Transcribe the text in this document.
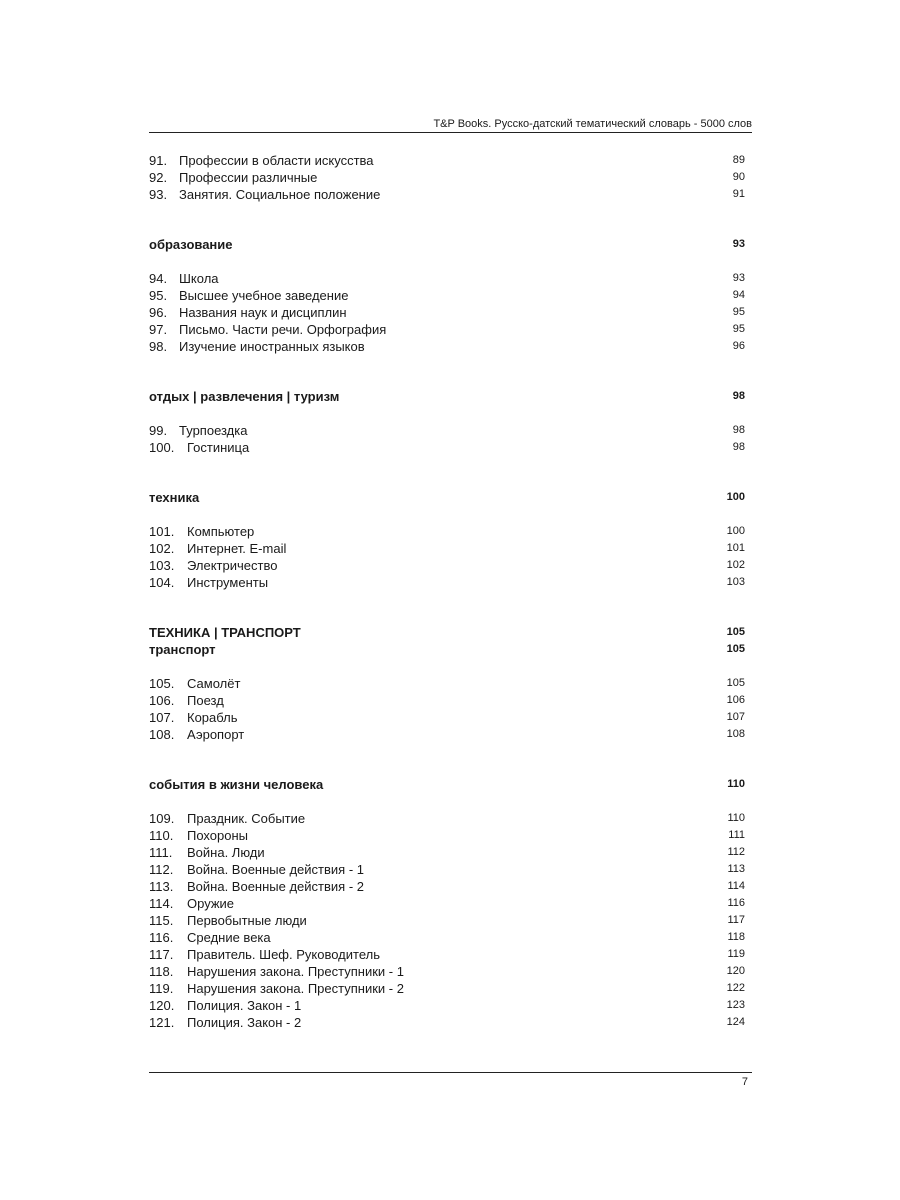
T&P Books. Русско-датский тематический словарь - 5000 слов
91. Профессии в области искусства	89
92. Профессии различные	90
93. Занятия. Социальное положение	91
образование	93
94. Школа	93
95. Высшее учебное заведение	94
96. Названия наук и дисциплин	95
97. Письмо. Части речи. Орфография	95
98. Изучение иностранных языков	96
отдых | развлечения | туризм	98
99. Турпоездка	98
100. Гостиница	98
техника	100
101. Компьютер	100
102. Интернет. E-mail	101
103. Электричество	102
104. Инструменты	103
ТЕХНИКА | ТРАНСПОРТ	105
транспорт	105
105. Самолёт	105
106. Поезд	106
107. Корабль	107
108. Аэропорт	108
события в жизни человека	110
109. Праздник. Событие	110
110. Похороны	111
111. Война. Люди	112
112. Война. Военные действия - 1	113
113. Война. Военные действия - 2	114
114. Оружие	116
115. Первобытные люди	117
116. Средние века	118
117. Правитель. Шеф. Руководитель	119
118. Нарушения закона. Преступники - 1	120
119. Нарушения закона. Преступники - 2	122
120. Полиция. Закон - 1	123
121. Полиция. Закон - 2	124
7
